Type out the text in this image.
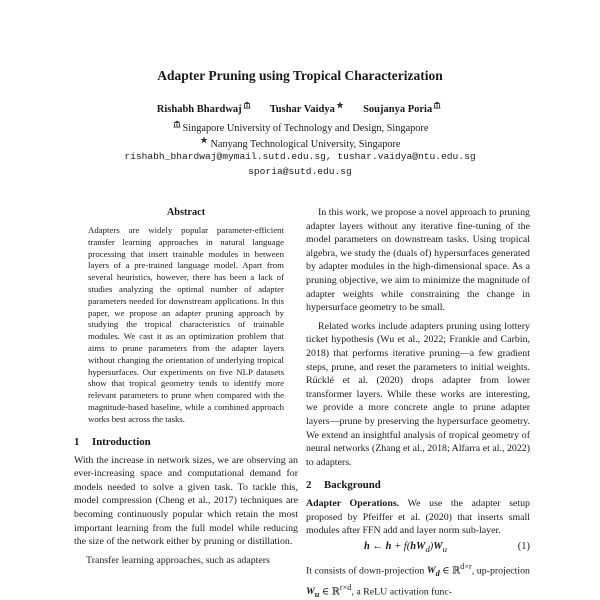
Adapter Pruning using Tropical Characterization
Rishabh Bhardwaj	Tushar Vaidya	Soujanya Poria
Singapore University of Technology and Design, Singapore
Nanyang Technological University, Singapore
rishabh_bhardwaj@mymail.sutd.edu.sg, tushar.vaidya@ntu.edu.sg
sporia@sutd.edu.sg
Abstract

Adapters are widely popular parameter-efficient transfer learning approaches in natural language processing that insert trainable modules in between layers of a pre-trained language model. Apart from several heuristics, however, there has been a lack of studies analyzing the optimal number of adapter parameters needed for downstream applications. In this paper, we propose an adapter pruning approach by studying the tropical characteristics of trainable modules. We cast it as an optimization problem that aims to prune parameters from the adapter layers without changing the orientation of underlying tropical hypersurfaces. Our experiments on five NLP datasets show that tropical geometry tends to identify more relevant parameters to prune when compared with the magnitude-based baseline, while a combined approach works best across the tasks.

1 Introduction

With the increase in network sizes, we are observing an ever-increasing space and computational demand for models needed to solve a given task. To tackle this, model compression (Cheng et al., 2017) techniques are becoming continuously popular which retain the most important learning from the full model while reducing the size of the network either by pruning or distillation.

Transfer learning approaches, such as adapters

In this work, we propose a novel approach to pruning adapter layers without any iterative fine-tuning of the model parameters on downstream tasks. Using tropical algebra, we study the (duals of) hypersurfaces generated by adapter modules in the high-dimensional space. As a pruning objective, we aim to minimize the magnitude of adapter weights while constraining the change in hypersurface geometry to be small.

Related works include adapters pruning using lottery ticket hypothesis (Wu et al., 2022; Frankle and Carbin, 2018) that performs iterative pruning—a few gradient steps, prune, and reset the parameters to initial weights. Rücklé et al. (2020) drops adapter from lower transformer layers. While these works are interesting, we provide a more concrete angle to prune adapter layers—prune by preserving the hypersurface geometry. We extend an insightful analysis of tropical geometry of neural networks (Zhang et al., 2018; Alfarra et al., 2022) to adapters.

2 Background

Adapter Operations. We use the adapter setup proposed by Pfeiffer et al. (2020) that inserts small modules after FFN add and layer norm sub-layer.

h ← $h + f(hW_d)W_u$	(1)

It consists of down-projection $W_d$ ∈ ℝ$^{d\times r}$, up-projection $W_u$ ∈ ℝ$^{r\times d}$, a ReLU activation func-
